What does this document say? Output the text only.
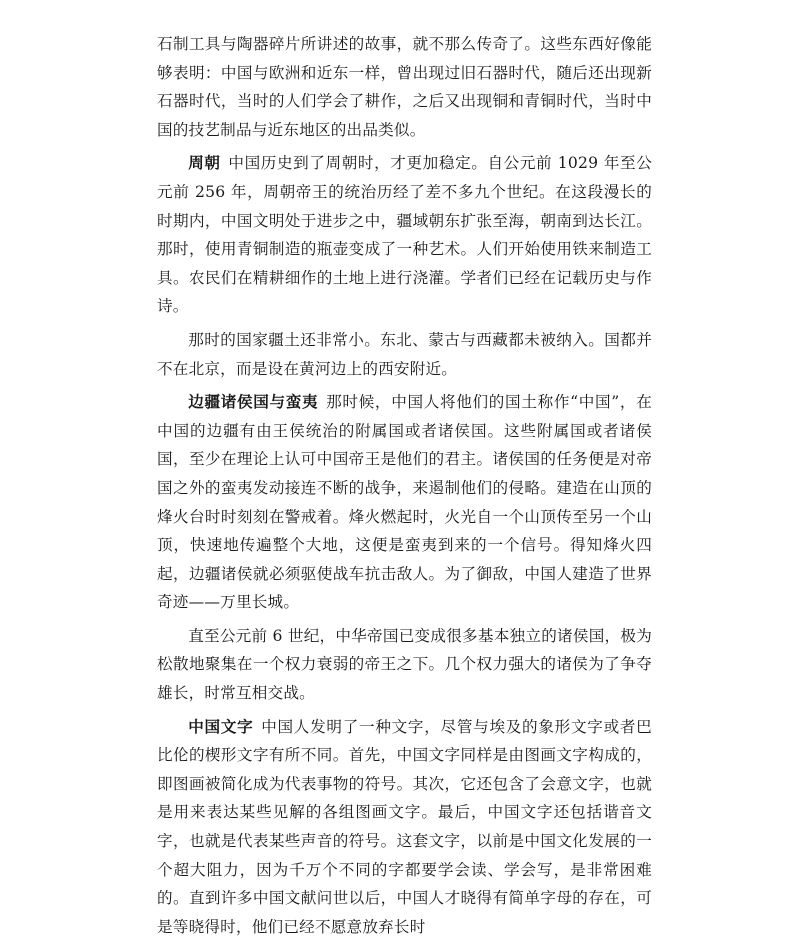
石制工具与陶器碎片所讲述的故事，就不那么传奇了。这些东西好像能够表明：中国与欧洲和近东一样，曾出现过旧石器时代，随后还出现新石器时代，当时的人们学会了耕作，之后又出现铜和青铜时代，当时中国的技艺制品与近东地区的出品类似。

周朝 中国历史到了周朝时，才更加稳定。自公元前 1029 年至公元前 256 年，周朝帝王的统治历经了差不多九个世纪。在这段漫长的时期内，中国文明处于进步之中，疆域朝东扩张至海，朝南到达长江。那时，使用青铜制造的瓶壶变成了一种艺术。人们开始使用铁来制造工具。农民们在精耕细作的土地上进行浇灌。学者们已经在记载历史与作诗。

那时的国家疆土还非常小。东北、蒙古与西藏都未被纳入。国都并不在北京，而是设在黄河边上的西安附近。

边疆诸侯国与蛮夷 那时候，中国人将他们的国土称作“中国”，在中国的边疆有由王侯统治的附属国或者诸侯国。这些附属国或者诸侯国，至少在理论上认可中国帝王是他们的君主。诸侯国的任务便是对帝国之外的蛮夷发动接连不断的战争，来遏制他们的侵略。建造在山顶的烽火台时时刻刻在警戒着。烽火燃起时，火光自一个山顶传至另一个山顶，快速地传遍整个大地，这便是蛮夷到来的一个信号。得知烽火四起，边疆诸侯就必须驱使战车抗击敌人。为了御敌，中国人建造了世界奇迹——万里长城。

直至公元前 6 世纪，中华帝国已变成很多基本独立的诸侯国，极为松散地聚集在一个权力衰弱的帝王之下。几个权力强大的诸侯为了争夺雄长，时常互相交战。

中国文字 中国人发明了一种文字，尽管与埃及的象形文字或者巴比伦的楔形文字有所不同。首先，中国文字同样是由图画文字构成的，即图画被简化成为代表事物的符号。其次，它还包含了会意文字，也就是用来表达某些见解的各组图画文字。最后，中国文字还包括谐音文字，也就是代表某些声音的符号。这套文字，以前是中国文化发展的一个超大阻力，因为千万个不同的字都要学会读、学会写，是非常困难的。直到许多中国文献问世以后，中国人才晓得有简单字母的存在，可是等晓得时，他们已经不愿意放弃长时
